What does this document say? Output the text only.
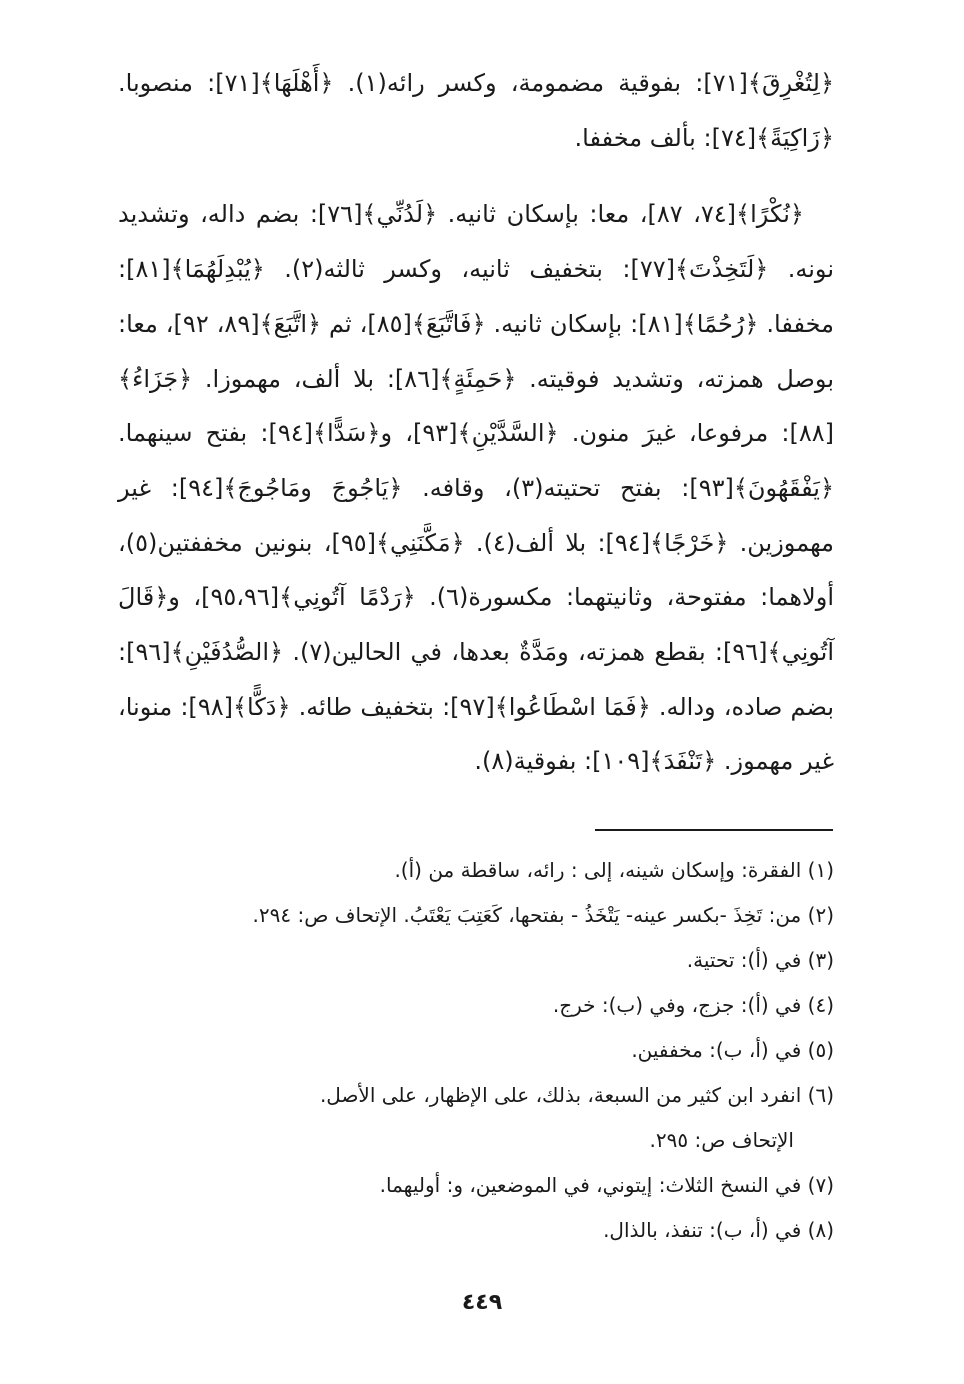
﴿لِتُغْرِقَ﴾[٧١]: بفوقية مضمومة، وكسر رائه(١). ﴿أَهْلَهَا﴾[٧١]: منصوبا. ﴿زَاكِيَةً﴾[٧٤]: بألف مخففا.

﴿نُكْرًا﴾[٧٤، ٨٧]، معا: بإسكان ثانيه. ﴿لَدُنِّي﴾[٧٦]: بضم داله، وتشديد نونه. ﴿لَتَخِذْتَ﴾[٧٧]: بتخفيف ثانيه، وكسر ثالثه(٢). ﴿يُبْدِلَهُمَا﴾[٨١]: مخففا. ﴿رُحُمًا﴾[٨١]: بإسكان ثانيه. ﴿فَاتَّبَعَ﴾[٨٥]، ثم ﴿اتَّبَعَ﴾[٨٩، ٩٢]، معا: بوصل همزته، وتشديد فوقيته. ﴿حَمِئَةٍ﴾[٨٦]: بلا ألف، مهموزا. ﴿جَزَاءُ﴾[٨٨]: مرفوعا، غيرَ منون. ﴿السَّدَّيْنِ﴾[٩٣]، و﴿سَدًّا﴾[٩٤]: بفتح سينهما. ﴿يَفْقَهُونَ﴾[٩٣]: بفتح تحتيته(٣)، وقافه. ﴿يَاجُوجَ ومَاجُوجَ﴾[٩٤]: غير مهموزين. ﴿خَرْجًا﴾[٩٤]: بلا ألف(٤). ﴿مَكَّنَنِي﴾[٩٥]، بنونين مخففتين(٥)، أولاهما: مفتوحة، وثانيتهما: مكسورة(٦). ﴿رَدْمًا آتُونِي﴾[٩٥،٩٦]، و﴿قَالَ آتُونِي﴾[٩٦]: بقطع همزته، ومَدَّةٌ بعدها، في الحالين(٧). ﴿الصُّدُفَيْنِ﴾[٩٦]: بضم صاده، وداله. ﴿فَمَا اسْطَاعُوا﴾[٩٧]: بتخفيف طائه. ﴿دَكًّا﴾[٩٨]: منونا، غير مهموز. ﴿تَنْفَدَ﴾[١٠٩]: بفوقية(٨).

(١) الفقرة: وإسكان شينه، إلى : رائه، ساقطة من (أ).

(٢) من: تَخِذَ -بكسر عينه- يَتْخَذُ - بفتحها، كَعَتِبَ يَعْتَبُ. الإتحاف ص: ٢٩٤.

(٣) في (أ): تحتية.

(٤) في (أ): جزج، وفي (ب): خرج.

(٥) في (أ، ب): مخففين.

(٦) انفرد ابن كثير من السبعة، بذلك، على الإظهار، على الأصل.

الإتحاف ص: ٢٩٥.

(٧) في النسخ الثلاث: إيتوني، في الموضعين، و: أوليهما.

(٨) في (أ، ب): تنفذ، بالذال.

٤٤٩
